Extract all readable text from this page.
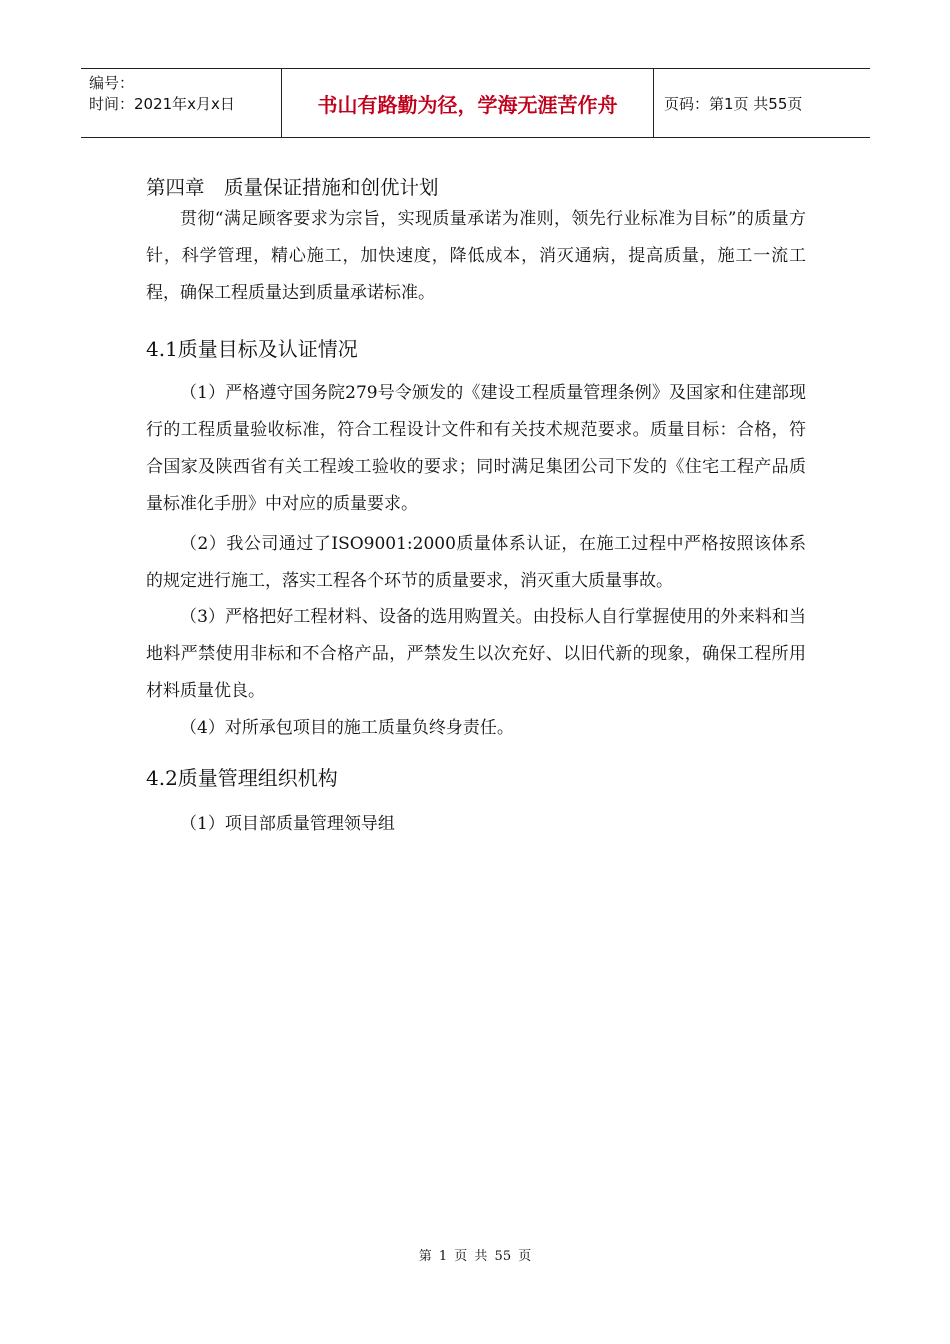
编号：
时间：2021年x月x日	书山有路勤为径，学海无涯苦作舟	页码：第1页 共55页
第四章　质量保证措施和创优计划

贯彻“满足顾客要求为宗旨，实现质量承诺为准则，领先行业标准为目标”的质量方针，科学管理，精心施工，加快速度，降低成本，消灭通病，提高质量，施工一流工程，确保工程质量达到质量承诺标准。

4.1质量目标及认证情况

（1）严格遵守国务院279号令颁发的《建设工程质量管理条例》及国家和住建部现行的工程质量验收标准，符合工程设计文件和有关技术规范要求。质量目标：合格，符合国家及陕西省有关工程竣工验收的要求；同时满足集团公司下发的《住宅工程产品质量标准化手册》中对应的质量要求。

（2）我公司通过了ISO9001:2000质量体系认证，在施工过程中严格按照该体系的规定进行施工，落实工程各个环节的质量要求，消灭重大质量事故。

（3）严格把好工程材料、设备的选用购置关。由投标人自行掌握使用的外来料和当地料严禁使用非标和不合格产品，严禁发生以次充好、以旧代新的现象，确保工程所用材料质量优良。

（4）对所承包项目的施工质量负终身责任。

4.2质量管理组织机构

（1）项目部质量管理领导组

第 1 页 共 55 页
